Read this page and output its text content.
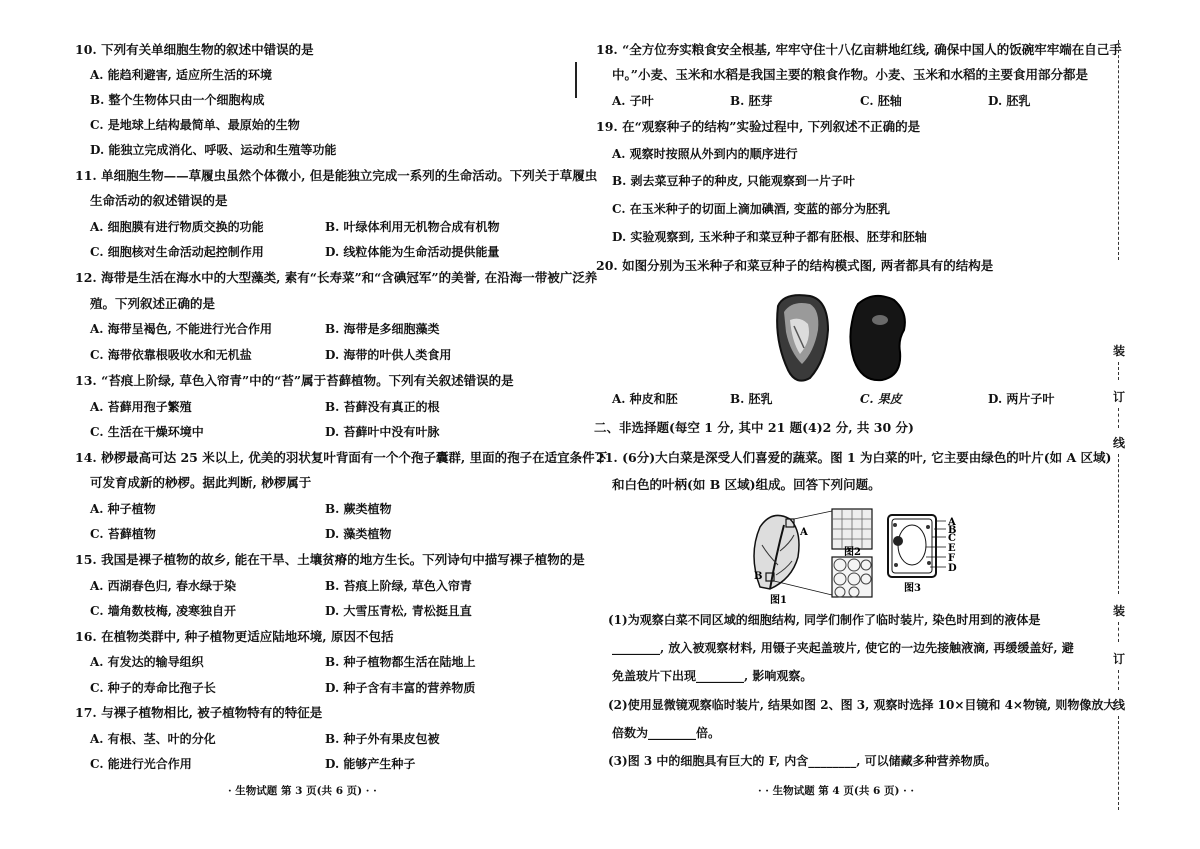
10. 下列有关单细胞生物的叙述中错误的是
A. 能趋利避害, 适应所生活的环境
B. 整个生物体只由一个细胞构成
C. 是地球上结构最简单、最原始的生物
D. 能独立完成消化、呼吸、运动和生殖等功能
11. 单细胞生物——草履虫虽然个体微小, 但是能独立完成一系列的生命活动。下列关于草履虫
生命活动的叙述错误的是
A. 细胞膜有进行物质交换的功能	B. 叶绿体利用无机物合成有机物
C. 细胞核对生命活动起控制作用	D. 线粒体能为生命活动提供能量
12. 海带是生活在海水中的大型藻类, 素有“长寿菜”和“含碘冠军”的美誉, 在沿海一带被广泛养
殖。下列叙述正确的是
A. 海带呈褐色, 不能进行光合作用	B. 海带是多细胞藻类
C. 海带依靠根吸收水和无机盐	D. 海带的叶供人类食用
13. “苔痕上阶绿, 草色入帘青”中的“苔”属于苔藓植物。下列有关叙述错误的是
A. 苔藓用孢子繁殖	B. 苔藓没有真正的根
C. 生活在干燥环境中	D. 苔藓叶中没有叶脉
14. 桫椤最高可达 25 米以上, 优美的羽状复叶背面有一个个孢子囊群, 里面的孢子在适宜条件下
可发育成新的桫椤。据此判断, 桫椤属于
A. 种子植物	B. 蕨类植物
C. 苔藓植物	D. 藻类植物
15. 我国是裸子植物的故乡, 能在干旱、土壤贫瘠的地方生长。下列诗句中描写裸子植物的是
A. 西湖春色归, 春水绿于染	B. 苔痕上阶绿, 草色入帘青
C. 墙角数枝梅, 凌寒独自开	D. 大雪压青松, 青松挺且直
16. 在植物类群中, 种子植物更适应陆地环境, 原因不包括
A. 有发达的输导组织	B. 种子植物都生活在陆地上
C. 种子的寿命比孢子长	D. 种子含有丰富的营养物质
17. 与裸子植物相比, 被子植物特有的特征是
A. 有根、茎、叶的分化	B. 种子外有果皮包被
C. 能进行光合作用	D. 能够产生种子
· 生物试题 第 3 页(共 6 页) · ·
18. “全方位夯实粮食安全根基, 牢牢守住十八亿亩耕地红线, 确保中国人的饭碗牢牢端在自己手
中。”小麦、玉米和水稻是我国主要的粮食作物。小麦、玉米和水稻的主要食用部分都是
A. 子叶	B. 胚芽	C. 胚轴	D. 胚乳
19. 在“观察种子的结构”实验过程中, 下列叙述不正确的是
A. 观察时按照从外到内的顺序进行
B. 剥去菜豆种子的种皮, 只能观察到一片子叶
C. 在玉米种子的切面上滴加碘酒, 变蓝的部分为胚乳
D. 实验观察到, 玉米种子和菜豆种子都有胚根、胚芽和胚轴
20. 如图分别为玉米种子和菜豆种子的结构模式图, 两者都具有的结构是
A. 种皮和胚	B. 胚乳	C. 果皮	D. 两片子叶
二、非选择题(每空 1 分, 其中 21 题(4)2 分, 共 30 分)
21. (6分)大白菜是深受人们喜爱的蔬菜。图 1 为白菜的叶, 它主要由绿色的叶片(如 A 区域)
和白色的叶柄(如 B 区域)组成。回答下列问题。
A
B
C
E
F
D
A
B
图2
图3
图1
(1)为观察白菜不同区域的细胞结构, 同学们制作了临时装片, 染色时用到的液体是
________, 放入被观察材料, 用镊子夹起盖玻片, 使它的一边先接触液滴, 再缓缓盖好, 避
免盖玻片下出现________, 影响观察。
(2)使用显微镜观察临时装片, 结果如图 2、图 3, 观察时选择 10×目镜和 4×物镜, 则物像放大
倍数为________倍。
(3)图 3 中的细胞具有巨大的 F, 内含________, 可以储藏多种营养物质。
· · 生物试题 第 4 页(共 6 页) · ·
装
订
线
装
订
线
